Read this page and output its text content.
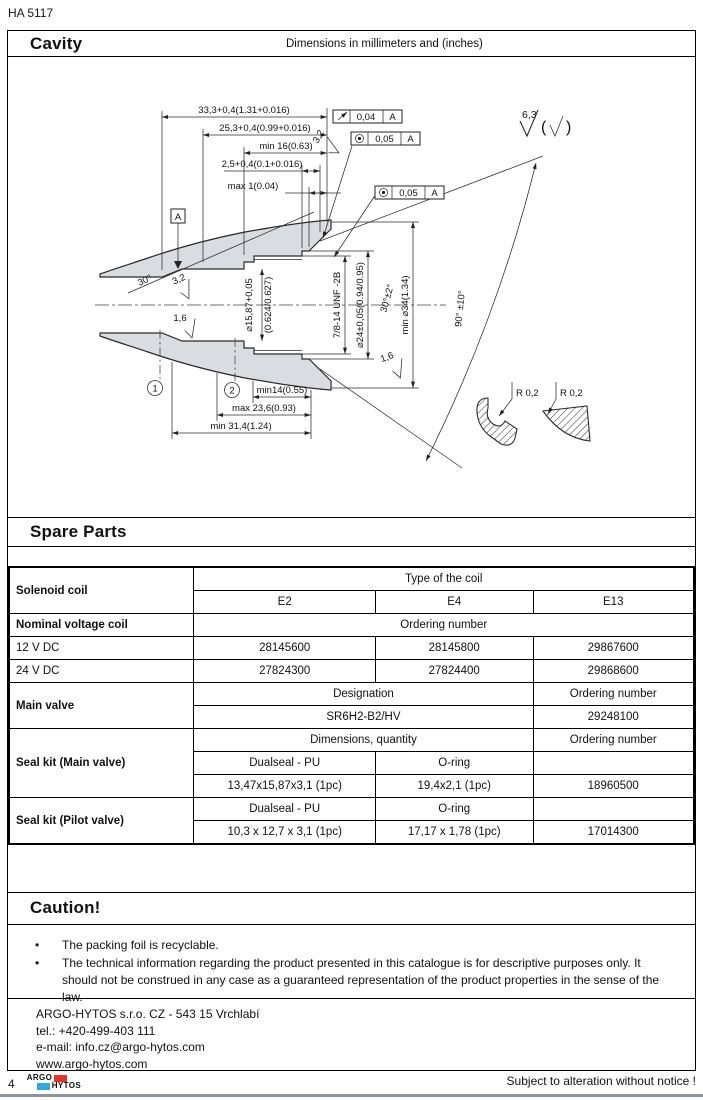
HA 5117
Cavity	Dimensions in millimeters and (inches)
A
0,04 A
0,05 A
0,05 A
33,3+0,4(1.31+0.016)
25,3+0,4(0.99+0.016)
min 16(0.63)
2,5+0,4(0.1+0.016)
max 1(0.04)
min14(0.55)
max 23,6(0.93)
min 31,4(1.24)
⌀15,87+0,05 (0.624/0.627)	7/8-14 UNF -2B ⌀24±0,05(0.94/0.95)	min ⌀34(1.34)
30°±2°	90° ±10°
30°
3,2
3,2
1,6
1,6
6,3
( )
1	2	R 0,2 R 0,2
Spare Parts
Solenoid coil	Type of the coil		
	E2	E4	E13
Nominal voltage coil	Ordering number		
12 V DC	28145600	28145800	29867600
24 V DC	27824300	27824400	29868600
Main valve	Designation		Ordering number
	SR6H2-B2/HV		29248100
Seal kit (Main valve)	Dimensions, quantity		Ordering number
	Dualseal - PU	O-ring	
	13,47x15,87x3,1 (1pc)	19,4x2,1 (1pc)	18960500
Seal kit (Pilot valve)	Dualseal - PU	O-ring	
	10,3 x 12,7 x 3,1 (1pc)	17,17 x 1,78 (1pc)	17014300
Caution!
• The packing foil is recyclable.
• The technical information regarding the product presented in this catalogue is for descriptive purposes only. It should not be construed in any case as a guaranteed representation of the product properties in the sense of the law.
ARGO-HYTOS s.r.o. CZ - 543 15 Vrchlabí
tel.: +420-499-403 111
e-mail: info.cz@argo-hytos.com
www.argo-hytos.com
4 ARGO
HYTOS	Subject to alteration without notice !
